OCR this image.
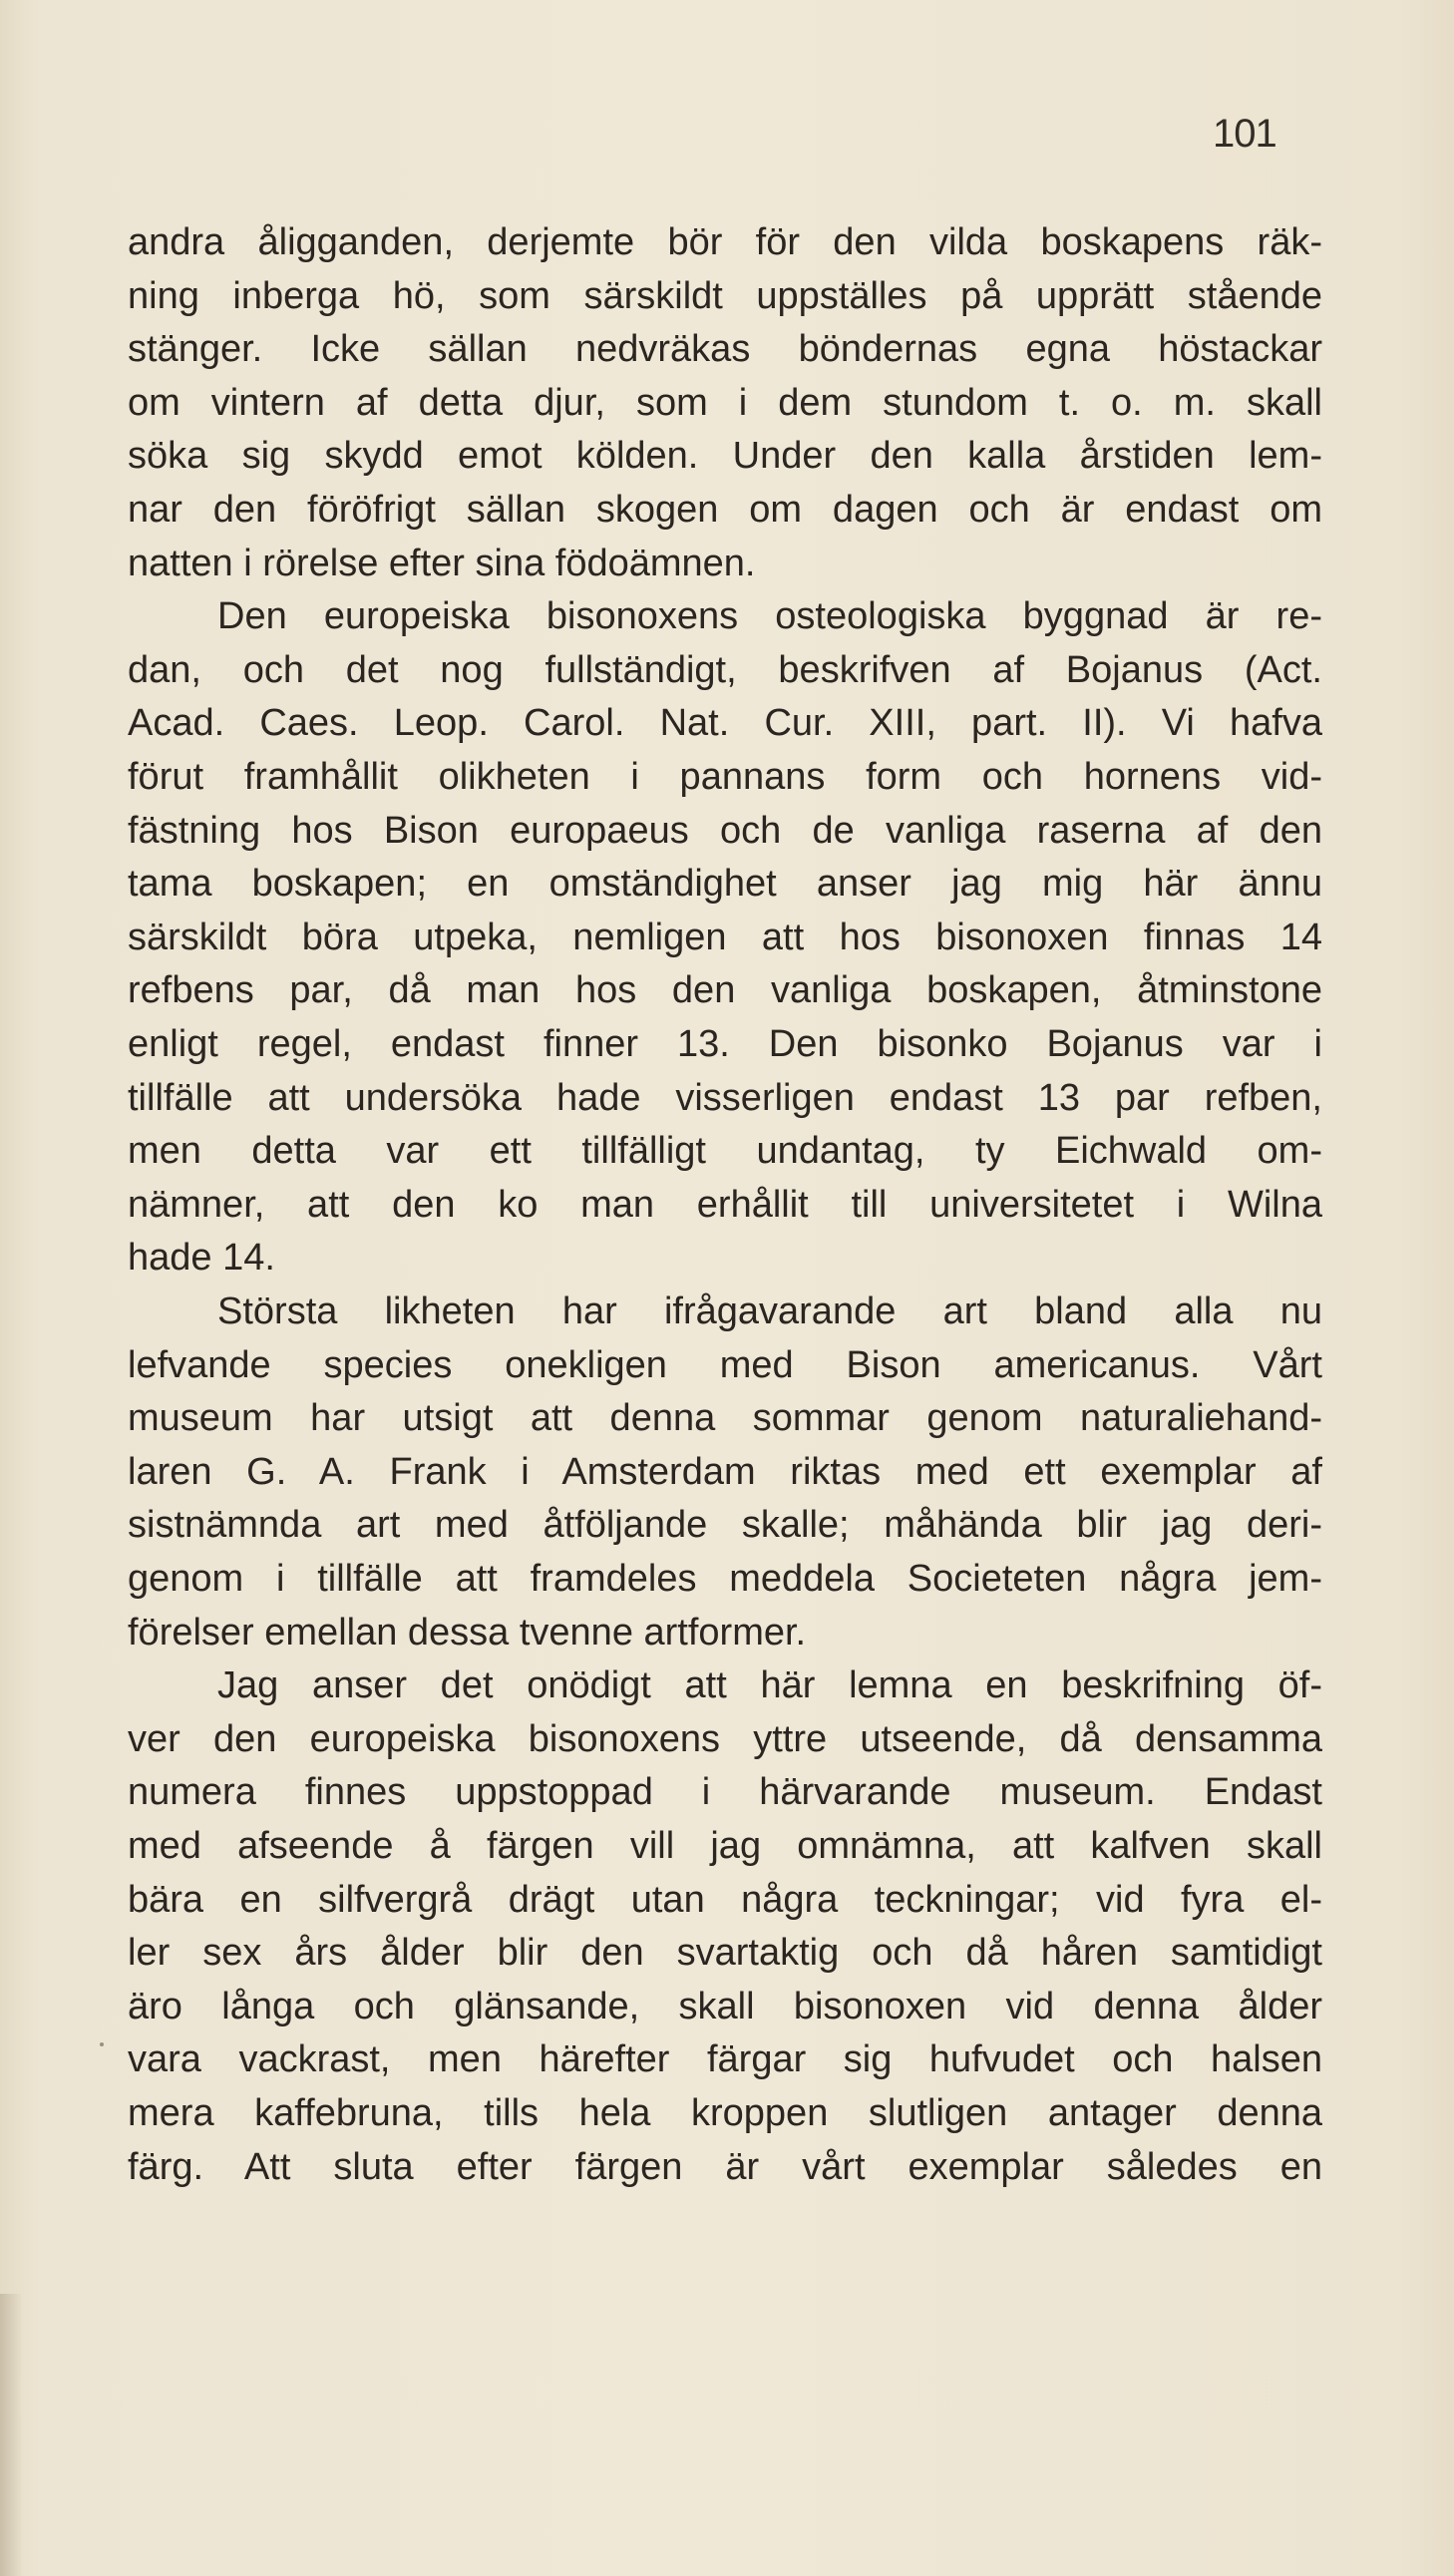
101
andra åligganden, derjemte bör för den vilda boskapens räk-
ning inberga hö, som särskildt uppställes på upprätt stående
stänger. Icke sällan nedvräkas böndernas egna höstackar
om vintern af detta djur, som i dem stundom t. o. m. skall
söka sig skydd emot kölden. Under den kalla årstiden lem-
nar den föröfrigt sällan skogen om dagen och är endast om
natten i rörelse efter sina födoämnen.
Den europeiska bisonoxens osteologiska byggnad är re-
dan, och det nog fullständigt, beskrifven af Bojanus (Act.
Acad. Caes. Leop. Carol. Nat. Cur. XIII, part. II). Vi hafva
förut framhållit olikheten i pannans form och hornens vid-
fästning hos Bison europaeus och de vanliga raserna af den
tama boskapen; en omständighet anser jag mig här ännu
särskildt böra utpeka, nemligen att hos bisonoxen finnas 14
refbens par, då man hos den vanliga boskapen, åtminstone
enligt regel, endast finner 13. Den bisonko Bojanus var i
tillfälle att undersöka hade visserligen endast 13 par refben,
men detta var ett tillfälligt undantag, ty Eichwald om-
nämner, att den ko man erhållit till universitetet i Wilna
hade 14.
Största likheten har ifrågavarande art bland alla nu
lefvande species onekligen med Bison americanus. Vårt
museum har utsigt att denna sommar genom naturaliehand-
laren G. A. Frank i Amsterdam riktas med ett exemplar af
sistnämnda art med åtföljande skalle; måhända blir jag deri-
genom i tillfälle att framdeles meddela Societeten några jem-
förelser emellan dessa tvenne artformer.
Jag anser det onödigt att här lemna en beskrifning öf-
ver den europeiska bisonoxens yttre utseende, då densamma
numera finnes uppstoppad i härvarande museum. Endast
med afseende å färgen vill jag omnämna, att kalfven skall
bära en silfvergrå drägt utan några teckningar; vid fyra el-
ler sex års ålder blir den svartaktig och då håren samtidigt
äro långa och glänsande, skall bisonoxen vid denna ålder
vara vackrast, men härefter färgar sig hufvudet och halsen
mera kaffebruna, tills hela kroppen slutligen antager denna
färg. Att sluta efter färgen är vårt exemplar således en
